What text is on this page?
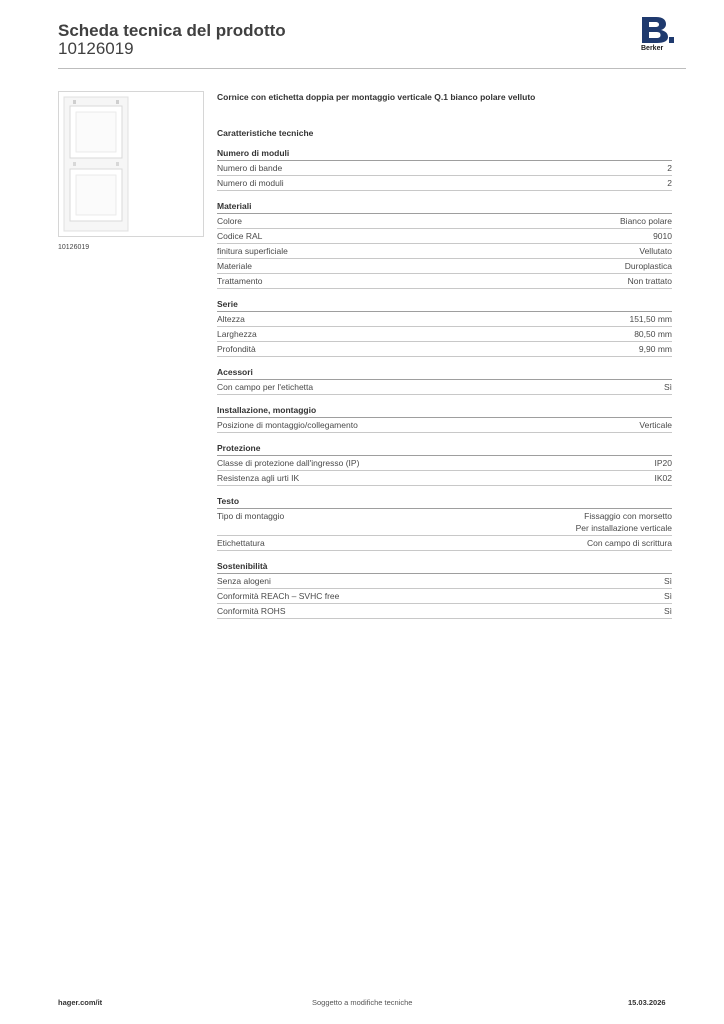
Scheda tecnica del prodotto
10126019	Berker
10126019
Cornice con etichetta doppia per montaggio verticale Q.1 bianco polare velluto
Caratteristiche tecniche
Numero di moduli
Numero di bande	2
Numero di moduli	2
Materiali
Colore	Bianco polare
Codice RAL	9010
finitura superficiale	Vellutato
Materiale	Duroplastica
Trattamento	Non trattato
Serie
Altezza	151,50 mm
Larghezza	80,50 mm
Profondità	9,90 mm
Acessori
Con campo per l'etichetta	Sì
Installazione, montaggio
Posizione di montaggio/collegamento	Verticale
Protezione
Classe di protezione dall'ingresso (IP)	IP20
Resistenza agli urti IK	IK02
Testo
Tipo di montaggio	Fissaggio con morsetto
Per installazione verticale
Etichettatura	Con campo di scrittura
Sostenibilità
Senza alogeni	Sì
Conformità REACh – SVHC free	Sì
Conformità ROHS	Sì
hager.com/it	Soggetto a modifiche tecniche	15.03.2026
